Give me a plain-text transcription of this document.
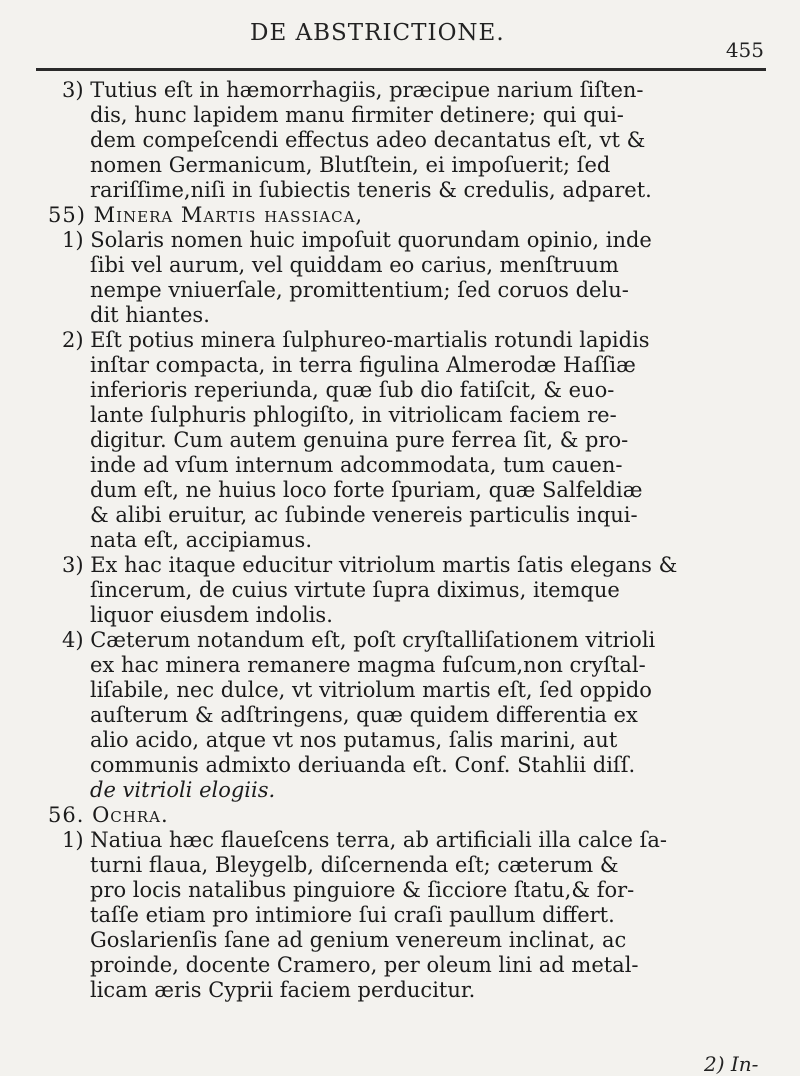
DE ABSTRICTIONE.
455
3) Tutius eſt in hæmorrhagiis, præcipue narium ſiſten-
dis, hunc lapidem manu firmiter detinere; qui qui-
dem compeſcendi effectus adeo decantatus eſt, vt &
nomen Germanicum, Blutſtein, ei impoſuerit; ſed
rariſſime,niſi in ſubiectis teneris & credulis, adparet.
55) Minera Martis hassiaca,
1) Solaris nomen huic impoſuit quorundam opinio, inde
ſibi vel aurum, vel quiddam eo carius, menſtruum
nempe vniuerſale, promittentium; ſed coruos delu-
dit hiantes.
2) Eſt potius minera ſulphureo-martialis rotundi lapidis
inſtar compacta, in terra figulina Almerodæ Haſſiæ
inferioris reperiunda, quæ ſub dio fatiſcit, & euo-
lante ſulphuris phlogiſto, in vitriolicam faciem re-
digitur. Cum autem genuina pure ferrea ſit, & pro-
inde ad vſum internum adcommodata, tum cauen-
dum eſt, ne huius loco forte ſpuriam, quæ Salfeldiæ
& alibi eruitur, ac ſubinde venereis particulis inqui-
nata eſt, accipiamus.
3) Ex hac itaque educitur vitriolum martis ſatis elegans &
ſincerum, de cuius virtute ſupra diximus, itemque
liquor eiusdem indolis.
4) Cæterum notandum eſt, poſt cryſtalliſationem vitrioli
ex hac minera remanere magma fuſcum,non cryſtal-
liſabile, nec dulce, vt vitriolum martis eſt, ſed oppido
auſterum & adſtringens, quæ quidem differentia ex
alio acido, atque vt nos putamus, ſalis marini, aut
communis admixto deriuanda eſt. Conf. Stahlii diſſ.
de vitrioli elogiis.
56. Ochra.
1) Natiua hæc flaueſcens terra, ab artificiali illa calce ſa-
turni flaua, Bleygelb, diſcernenda eſt; cæterum &
pro locis natalibus pinguiore & ſicciore ſtatu,& for-
taſſe etiam pro intimiore ſui craſi paullum differt.
Goslarienſis ſane ad genium venereum inclinat, ac
proinde, docente Cramero, per oleum lini ad metal-
licam æris Cyprii faciem perducitur.
2) In-
